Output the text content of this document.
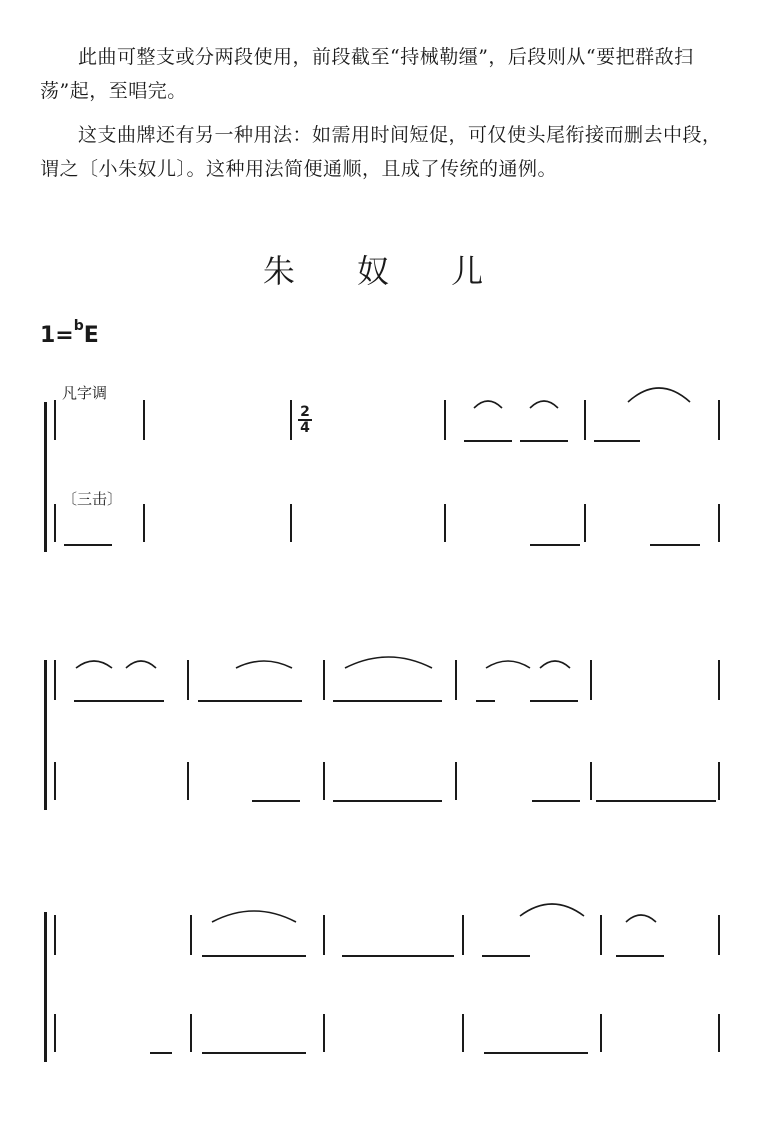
此曲可整支或分两段使用，前段截至“持械勒缰”，后段则从“要把群敌扫荡”起，至唱完。

这支曲牌还有另一种用法：如需用时间短促，可仅使头尾衔接而删去中段，谓之〔小朱奴儿〕。这种用法简便通顺，且成了传统的通例。

朱 奴 儿
1=$^b$E
凡字调
〔三击〕
2
4
